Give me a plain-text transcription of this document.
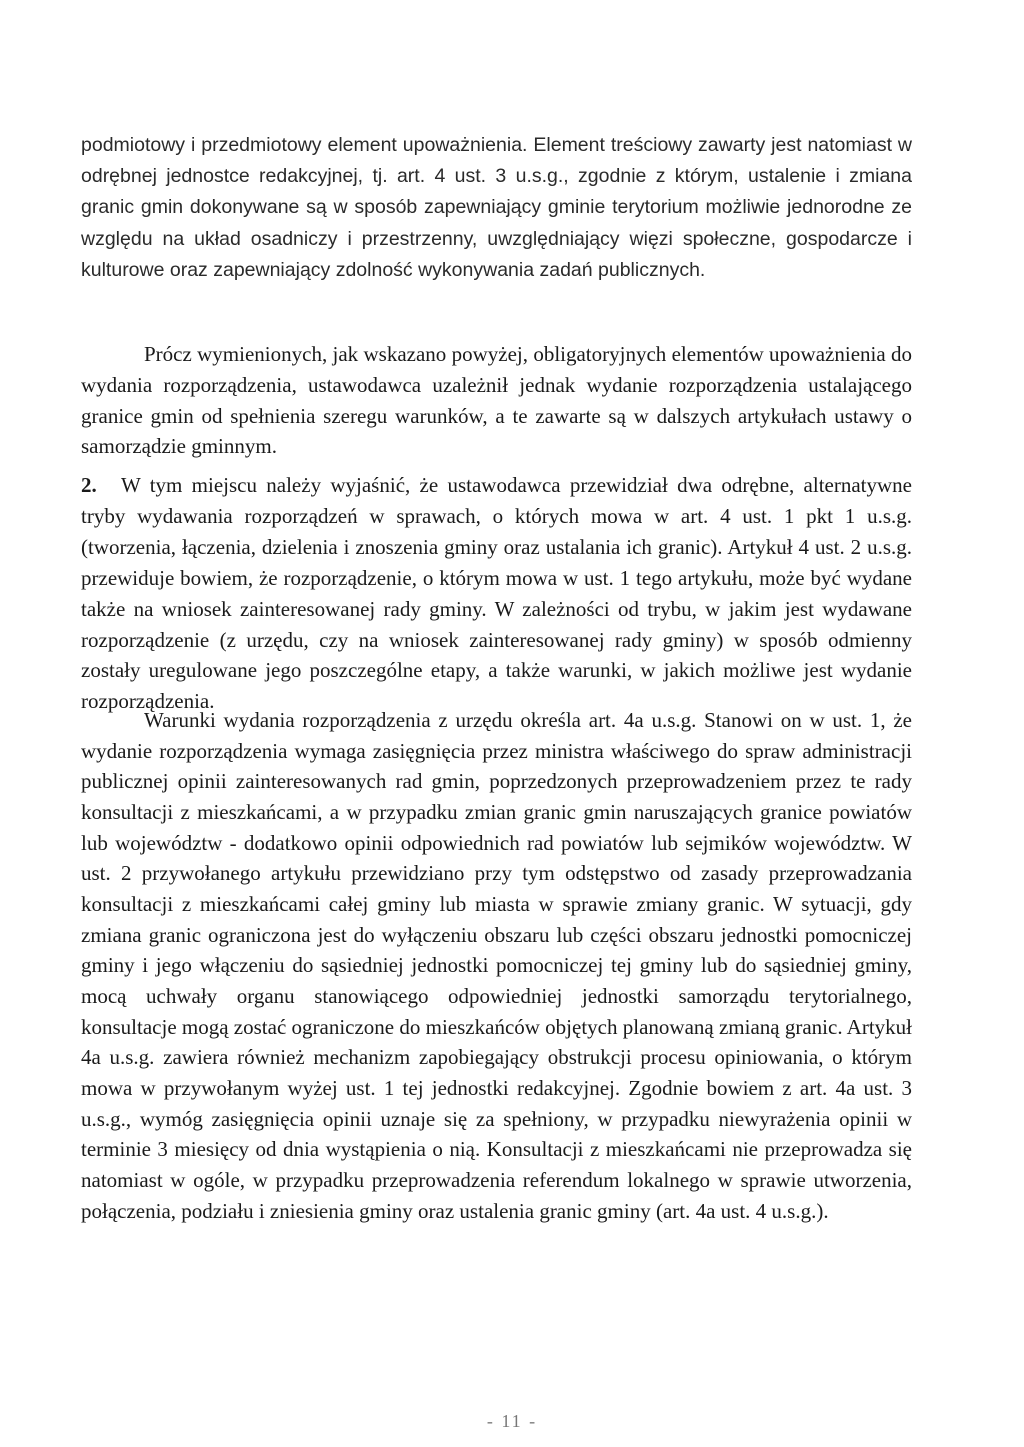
podmiotowy i przedmiotowy element upoważnienia. Element treściowy zawarty jest natomiast w odrębnej jednostce redakcyjnej, tj. art. 4 ust. 3 u.s.g., zgodnie z którym, ustalenie i zmiana granic gmin dokonywane są w sposób zapewniający gminie terytorium możliwie jednorodne ze względu na układ osadniczy i przestrzenny, uwzględniający więzi społeczne, gospodarcze i kulturowe oraz zapewniający zdolność wykonywania zadań publicznych.

Prócz wymienionych, jak wskazano powyżej, obligatoryjnych elementów upoważnienia do wydania rozporządzenia, ustawodawca uzależnił jednak wydanie rozporządzenia ustalającego granice gmin od spełnienia szeregu warunków, a te zawarte są w dalszych artykułach ustawy o samorządzie gminnym.

2. W tym miejscu należy wyjaśnić, że ustawodawca przewidział dwa odrębne, alternatywne tryby wydawania rozporządzeń w sprawach, o których mowa w art. 4 ust. 1 pkt 1 u.s.g. (tworzenia, łączenia, dzielenia i znoszenia gminy oraz ustalania ich granic). Artykuł 4 ust. 2 u.s.g. przewiduje bowiem, że rozporządzenie, o którym mowa w ust. 1 tego artykułu, może być wydane także na wniosek zainteresowanej rady gminy. W zależności od trybu, w jakim jest wydawane rozporządzenie (z urzędu, czy na wniosek zainteresowanej rady gminy) w sposób odmienny zostały uregulowane jego poszczególne etapy, a także warunki, w jakich możliwe jest wydanie rozporządzenia.

Warunki wydania rozporządzenia z urzędu określa art. 4a u.s.g. Stanowi on w ust. 1, że wydanie rozporządzenia wymaga zasięgnięcia przez ministra właściwego do spraw administracji publicznej opinii zainteresowanych rad gmin, poprzedzonych przeprowadzeniem przez te rady konsultacji z mieszkańcami, a w przypadku zmian granic gmin naruszających granice powiatów lub województw - dodatkowo opinii odpowiednich rad powiatów lub sejmików województw. W ust. 2 przywołanego artykułu przewidziano przy tym odstępstwo od zasady przeprowadzania konsultacji z mieszkańcami całej gminy lub miasta w sprawie zmiany granic. W sytuacji, gdy zmiana granic ograniczona jest do wyłączeniu obszaru lub części obszaru jednostki pomocniczej gminy i jego włączeniu do sąsiedniej jednostki pomocniczej tej gminy lub do sąsiedniej gminy, mocą uchwały organu stanowiącego odpowiedniej jednostki samorządu terytorialnego, konsultacje mogą zostać ograniczone do mieszkańców objętych planowaną zmianą granic. Artykuł 4a u.s.g. zawiera również mechanizm zapobiegający obstrukcji procesu opiniowania, o którym mowa w przywołanym wyżej ust. 1 tej jednostki redakcyjnej. Zgodnie bowiem z art. 4a ust. 3 u.s.g., wymóg zasięgnięcia opinii uznaje się za spełniony, w przypadku niewyrażenia opinii w terminie 3 miesięcy od dnia wystąpienia o nią. Konsultacji z mieszkańcami nie przeprowadza się natomiast w ogóle, w przypadku przeprowadzenia referendum lokalnego w sprawie utworzenia, połączenia, podziału i zniesienia gminy oraz ustalenia granic gminy (art. 4a ust. 4 u.s.g.).

- 11 -
